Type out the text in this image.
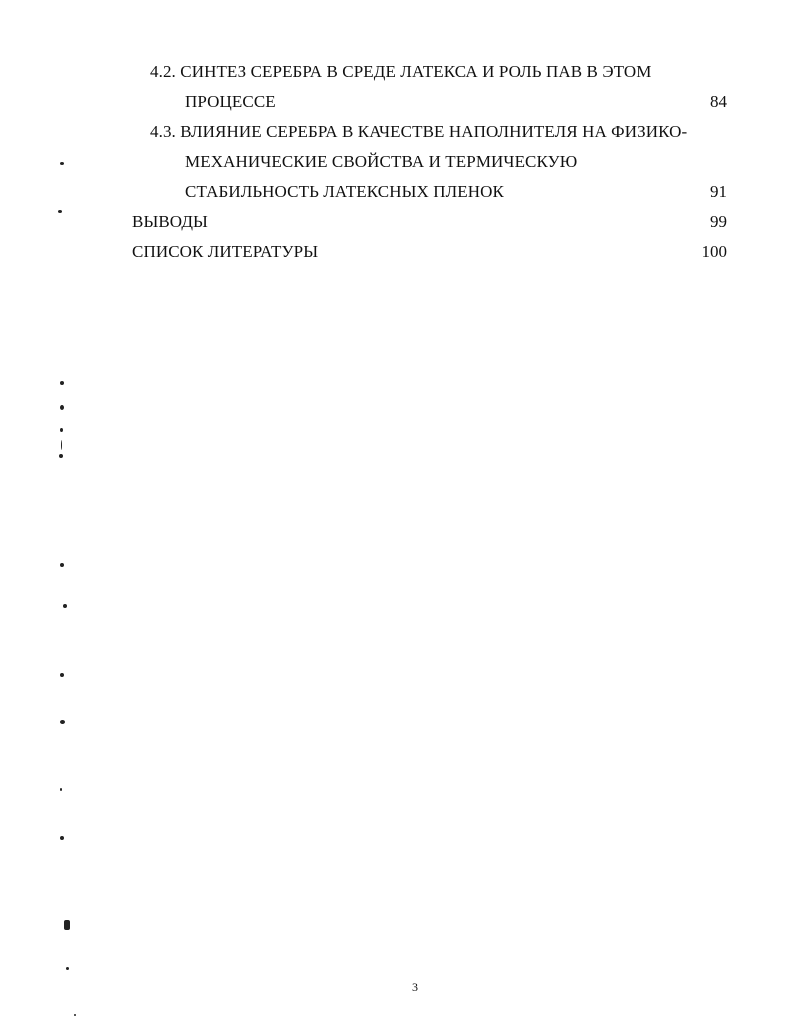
4.2. СИНТЕЗ СЕРЕБРА В СРЕДЕ ЛАТЕКСА И РОЛЬ ПАВ В ЭТОМ
ПРОЦЕССЕ	84
4.3. ВЛИЯНИЕ СЕРЕБРА В КАЧЕСТВЕ НАПОЛНИТЕЛЯ НА ФИЗИКО-
МЕХАНИЧЕСКИЕ СВОЙСТВА И ТЕРМИЧЕСКУЮ
СТАБИЛЬНОСТЬ ЛАТЕКСНЫХ ПЛЕНОК	91
ВЫВОДЫ	99
СПИСОК ЛИТЕРАТУРЫ	100
3
